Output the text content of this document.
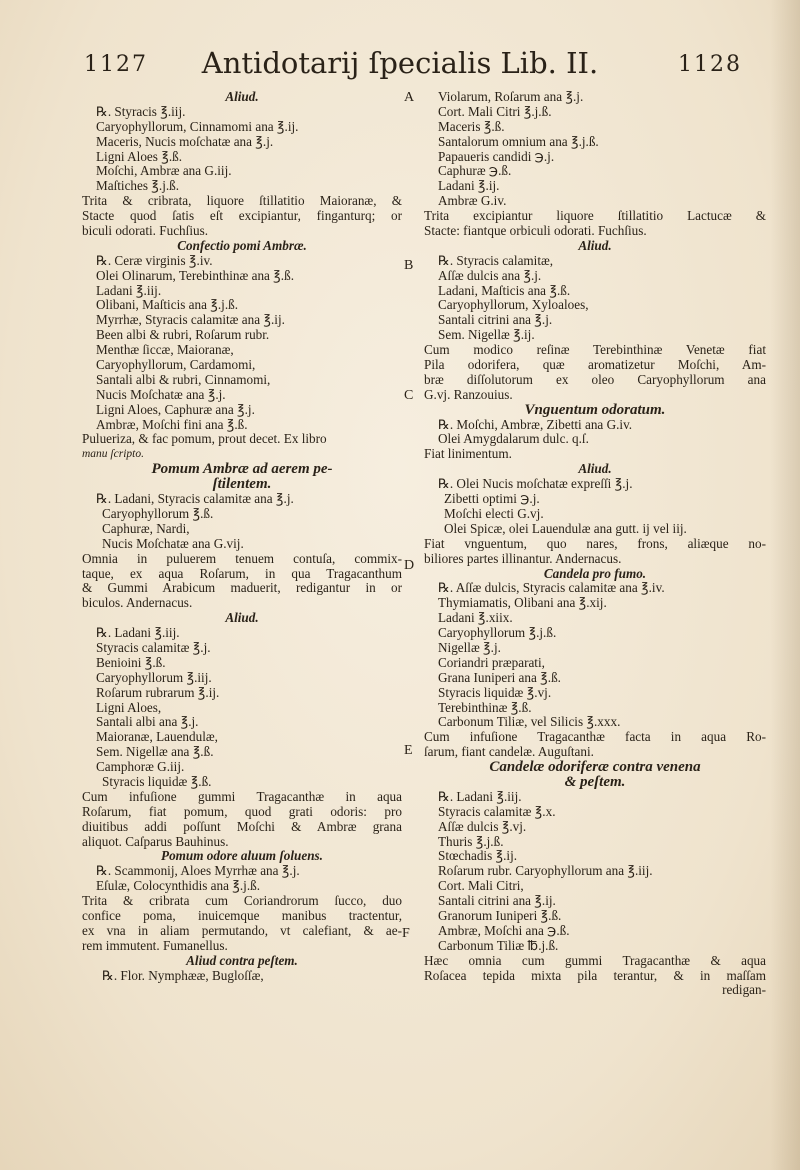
1127	Antidotarij ſpecialis Lib. II.	1128
Aliud.
℞. Styracis ℥.iij.
Caryophyllorum, Cinnamomi ana ℥.ij.
Maceris, Nucis moſchatæ ana ℥.j.
Ligni Aloes ℥.ß.
Moſchi, Ambræ ana G.iij.
Maſtiches ℥.j.ß.
Trita & cribrata, liquore ſtillatitio Maioranæ, &
Stacte quod ſatis eſt excipiantur, finganturq; or
biculi odorati. Fuchſius.
Confectio pomi Ambræ.
℞. Ceræ virginis ℥.iv.
Olei Olinarum, Terebinthinæ ana ℥.ß.
Ladani ℥.iij.
Olibani, Maſticis ana ℥.j.ß.
Myrrhæ, Styracis calamitæ ana ℥.ij.
Been albi & rubri, Roſarum rubr.
Menthæ ſiccæ, Maioranæ,
Caryophyllorum, Cardamomi,
Santali albi & rubri, Cinnamomi,
Nucis Moſchatæ ana ℥.j.
Ligni Aloes, Caphuræ ana ℥.j.
Ambræ, Moſchi fini ana ℥.ß.
Pulueriza, & fac pomum, prout decet. Ex libro
manu ſcripto.
Pomum Ambræ ad aerem pe-
ſtilentem.
℞. Ladani, Styracis calamitæ ana ℥.j.
Caryophyllorum ℥.ß.
Caphuræ, Nardi,
Nucis Moſchatæ ana G.vij.
Omnia in puluerem tenuem contuſa, commix-
taque, ex aqua Roſarum, in qua Tragacanthum
& Gummi Arabicum maduerit, redigantur in or
biculos. Andernacus.
Aliud.
℞. Ladani ℥.iij.
Styracis calamitæ ℥.j.
Benioini ℥.ß.
Caryophyllorum ℥.iij.
Roſarum rubrarum ℥.ij.
Ligni Aloes,
Santali albi ana ℥.j.
Maioranæ, Lauendulæ,
Sem. Nigellæ ana ℥.ß.
Camphoræ G.iij.
Styracis liquidæ ℥.ß.
Cum infuſione gummi Tragacanthæ in aqua
Roſarum, fiat pomum, quod grati odoris: pro
diuitibus addi poſſunt Moſchi & Ambræ grana
aliquot. Caſparus Bauhinus.
Pomum odore aluum ſoluens.
℞. Scammonij, Aloes Myrrhæ ana ℥.j.
Eſulæ, Colocynthidis ana ℥.j.ß.
Trita & cribrata cum Coriandrorum ſucco, duo
confice poma, inuicemque manibus tractentur,
ex vna in aliam permutando, vt calefiant, & ae-
rem immutent. Fumanellus.
Aliud contra peſtem.
℞. Flor. Nymphææ, Bugloſſæ,
A
B
C
D
E
F
Violarum, Roſarum ana ℥.j.
Cort. Mali Citri ℥.j.ß.
Maceris ℥.ß.
Santalorum omnium ana ℥.j.ß.
Papaueris candidi ℈.j.
Caphuræ ℈.ß.
Ladani ℥.ij.
Ambræ G.iv.
Trita excipiantur liquore ſtillatitio Lactucæ &
Stacte: fiantque orbiculi odorati. Fuchſius.
Aliud.
℞. Styracis calamitæ,
Aſſæ dulcis ana ℥.j.
Ladani, Maſticis ana ℥.ß.
Caryophyllorum, Xyloaloes,
Santali citrini ana ℥.j.
Sem. Nigellæ ℥.ij.
Cum modico reſinæ Terebinthinæ Venetæ fiat
Pila odorifera, quæ aromatizetur Moſchi, Am-
bræ diſſolutorum ex oleo Caryophyllorum ana
G.vj. Ranzouius.
Vnguentum odoratum.
℞. Moſchi, Ambræ, Zibetti ana G.iv.
Olei Amygdalarum dulc. q.ſ.
Fiat linimentum.
Aliud.
℞. Olei Nucis moſchatæ expreſſi ℥.j.
Zibetti optimi ℈.j.
Moſchi electi G.vj.
Olei Spicæ, olei Lauendulæ ana gutt. ij vel iij.
Fiat vnguentum, quo nares, frons, aliæque no-
biliores partes illinantur. Andernacus.
Candela pro fumo.
℞. Aſſæ dulcis, Styracis calamitæ ana ℥.iv.
Thymiamatis, Olibani ana ℥.xij.
Ladani ℥.xiix.
Caryophyllorum ℥.j.ß.
Nigellæ ℥.j.
Coriandri præparati,
Grana Iuniperi ana ℥.ß.
Styracis liquidæ ℥.vj.
Terebinthinæ ℥.ß.
Carbonum Tiliæ, vel Silicis ℥.xxx.
Cum infuſione Tragacanthæ facta in aqua Ro-
ſarum, fiant candelæ. Auguſtani.
Candelæ odoriferæ contra venena
& peſtem.
℞. Ladani ℥.iij.
Styracis calamitæ ℥.x.
Aſſæ dulcis ℥.vj.
Thuris ℥.j.ß.
Stœchadis ℥.ij.
Roſarum rubr. Caryophyllorum ana ℥.iij.
Cort. Mali Citri,
Santali citrini ana ℥.ij.
Granorum Iuniperi ℥.ß.
Ambræ, Moſchi ana ℈.ß.
Carbonum Tiliæ ℔.j.ß.
Hæc omnia cum gummi Tragacanthæ & aqua
Roſacea tepida mixta pila terantur, & in maſſam
redigan-
